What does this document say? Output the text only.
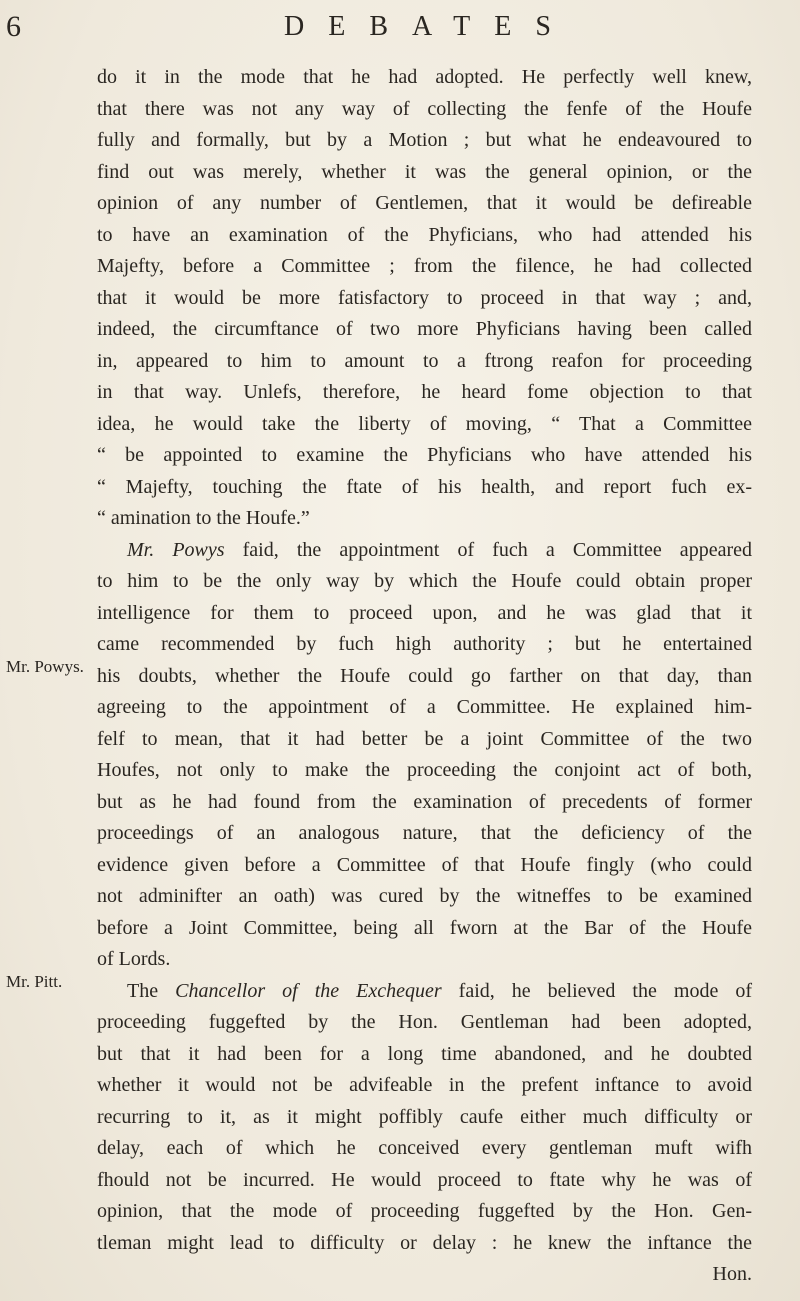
6	DEBATES
Mr. Powys.
Mr. Pitt.
do it in the mode that he had adopted. He perfectly well knew,
that there was not any way of collecting the fenfe of the Houfe
fully and formally, but by a Motion ; but what he endeavoured to
find out was merely, whether it was the general opinion, or the
opinion of any number of Gentlemen, that it would be defireable
to have an examination of the Phyficians, who had attended his
Majefty, before a Committee ; from the filence, he had collected
that it would be more fatisfactory to proceed in that way ; and,
indeed, the circumftance of two more Phyficians having been called
in, appeared to him to amount to a ftrong reafon for proceeding
in that way. Unlefs, therefore, he heard fome objection to that
idea, he would take the liberty of moving, “ That a Committee
“ be appointed to examine the Phyficians who have attended his
“ Majefty, touching the ftate of his health, and report fuch ex-
“ amination to the Houfe.”
Mr. Powys faid, the appointment of fuch a Committee appeared
to him to be the only way by which the Houfe could obtain proper
intelligence for them to proceed upon, and he was glad that it
came recommended by fuch high authority ; but he entertained
his doubts, whether the Houfe could go farther on that day, than
agreeing to the appointment of a Committee. He explained him-
felf to mean, that it had better be a joint Committee of the two
Houfes, not only to make the proceeding the conjoint act of both,
but as he had found from the examination of precedents of former
proceedings of an analogous nature, that the deficiency of the
evidence given before a Committee of that Houfe fingly (who could
not adminifter an oath) was cured by the witneffes to be examined
before a Joint Committee, being all fworn at the Bar of the Houfe
of Lords.
The Chancellor of the Exchequer faid, he believed the mode of
proceeding fuggefted by the Hon. Gentleman had been adopted,
but that it had been for a long time abandoned, and he doubted
whether it would not be advifeable in the prefent inftance to avoid
recurring to it, as it might poffibly caufe either much difficulty or
delay, each of which he conceived every gentleman muft wifh
fhould not be incurred. He would proceed to ftate why he was of
opinion, that the mode of proceeding fuggefted by the Hon. Gen-
tleman might lead to difficulty or delay : he knew the inftance the
Hon.
